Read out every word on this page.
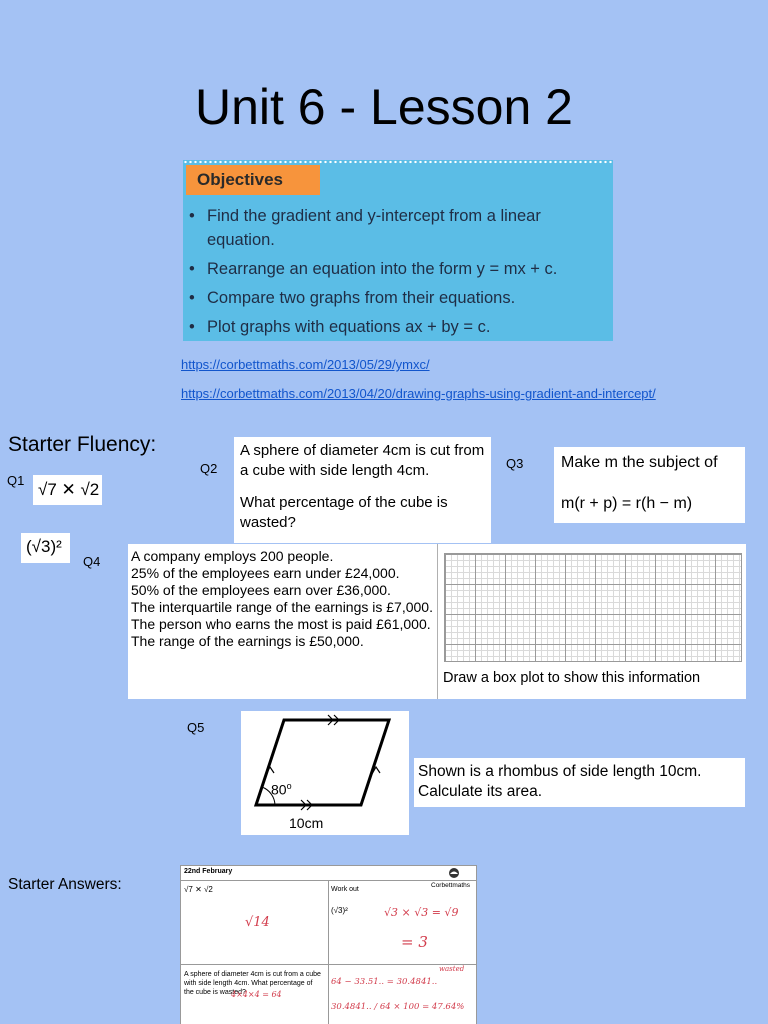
Unit 6 - Lesson 2
Objectives
• Find the gradient and y-intercept from a linear equation.
• Rearrange an equation into the form y = mx + c.
• Compare two graphs from their equations.
• Plot graphs with equations ax + by = c.
https://corbettmaths.com/2013/05/29/ymxc/
https://corbettmaths.com/2013/04/20/drawing-graphs-using-gradient-and-intercept/
Starter Fluency:
Q1 √7 ✕ √2
(√3)²
Q2
A sphere of diameter 4cm is cut from a cube with side length 4cm.
What percentage of the cube is wasted?
Q3 Make m the subject of
m(r + p) = r(h − m)
Q4 A company employs 200 people.
25% of the employees earn under £24,000.
50% of the employees earn over £36,000.
The interquartile range of the earnings is £7,000.
The person who earns the most is paid £61,000.
The range of the earnings is £50,000.
Draw a box plot to show this information
Q5
80$^o$
10cm
Shown is a rhombus of side length 10cm. Calculate its area.
Starter Answers:
22nd February
Corbettmaths
√7 ✕ √2
√14
Work out
(√3)²	√3 × √3 = √9
= 3
A sphere of diameter 4cm is cut from a cube with side length 4cm. What percentage of the cube is wasted?
4×4×4 = 64
wasted
64 − 33.51.. = 30.4841..
30.4841.. / 64 × 100 = 47.64%
